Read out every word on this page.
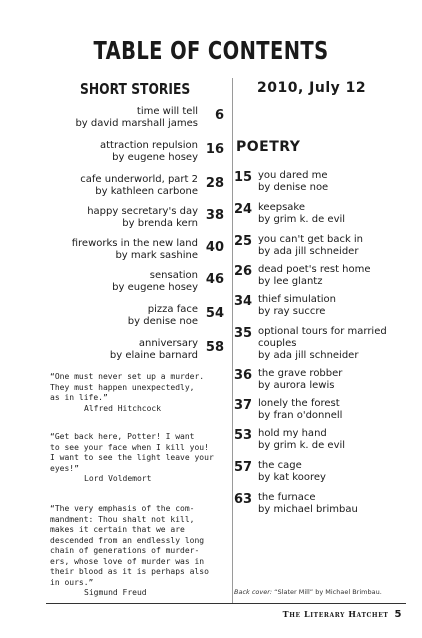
TABLE OF CONTENTS
SHORT STORIES	2010, July 12
POETRY
time will tell
by david marshall james
6
attraction repulsion
by eugene hosey
16
cafe underworld, part 2
by kathleen carbone
28
happy secretary's day
by brenda kern
38
fireworks in the new land
by mark sashine
40
sensation
by eugene hosey
46
pizza face
by denise noe
54
anniversary
by elaine barnard
58
15 you dared me
by denise noe
24 keepsake
by grim k. de evil
25 you can't get back in
by ada jill schneider
26 dead poet's rest home
by lee glantz
34 thief simulation
by ray succre
35 optional tours for married couples
by ada jill schneider
36 the grave robber
by aurora lewis
37 lonely the forest
by fran o'donnell
53 hold my hand
by grim k. de evil
57 the cage
by kat koorey
63 the furnace
by michael brimbau
“One must never set up a murder.
They must happen unexpectedly,
as in life.”
Alfred Hitchcock
“Get back here, Potter! I want
to see your face when I kill you!
I want to see the light leave your
eyes!”
Lord Voldemort
“The very emphasis of the com-
mandment: Thou shalt not kill,
makes it certain that we are
descended from an endlessly long
chain of generations of murder-
ers, whose love of murder was in
their blood as it is perhaps also
in ours.”
Sigmund Freud	Back cover: “Slater Mill” by Michael Brimbau.
The Literary Hatchet 5
